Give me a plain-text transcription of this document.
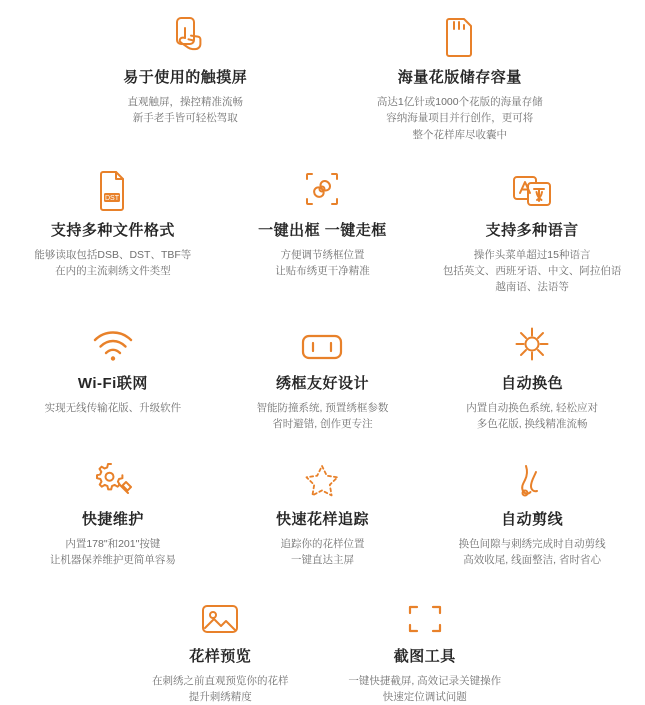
易于使用的触摸屏
直观触屏，操控精准流畅
新手老手皆可轻松驾取
海量花版储存容量
高达1亿针或1000个花版的海量存储
容纳海量项目并行创作，更可将
整个花样库尽收囊中
DST
支持多种文件格式
能够读取包括DSB、DST、TBF等
在内的主流刺绣文件类型
一键出框 一键走框
方便调节绣框位置
让贴布绣更干净精准
支持多种语言
操作头菜单超过15种语言
包括英文、西班牙语、中文、阿拉伯语
越南语、法语等
Wi-Fi联网
实现无线传输花版、升级软件
绣框友好设计
智能防撞系统, 预置绣框参数
省时避错, 创作更专注
自动换色
内置自动换色系统, 轻松应对
多色花版, 换线精准流畅
快捷维护
内置178"和201"按键
让机器保养维护更简单容易
快速花样追踪
追踪你的花样位置
一键直达主屏
自动剪线
换色间隙与刺绣完成时自动剪线
高效收尾, 线面整洁, 省时省心
花样预览
在刺绣之前直观预览你的花样
提升刺绣精度
截图工具
一键快捷截屏, 高效记录关键操作
快速定位调试问题
